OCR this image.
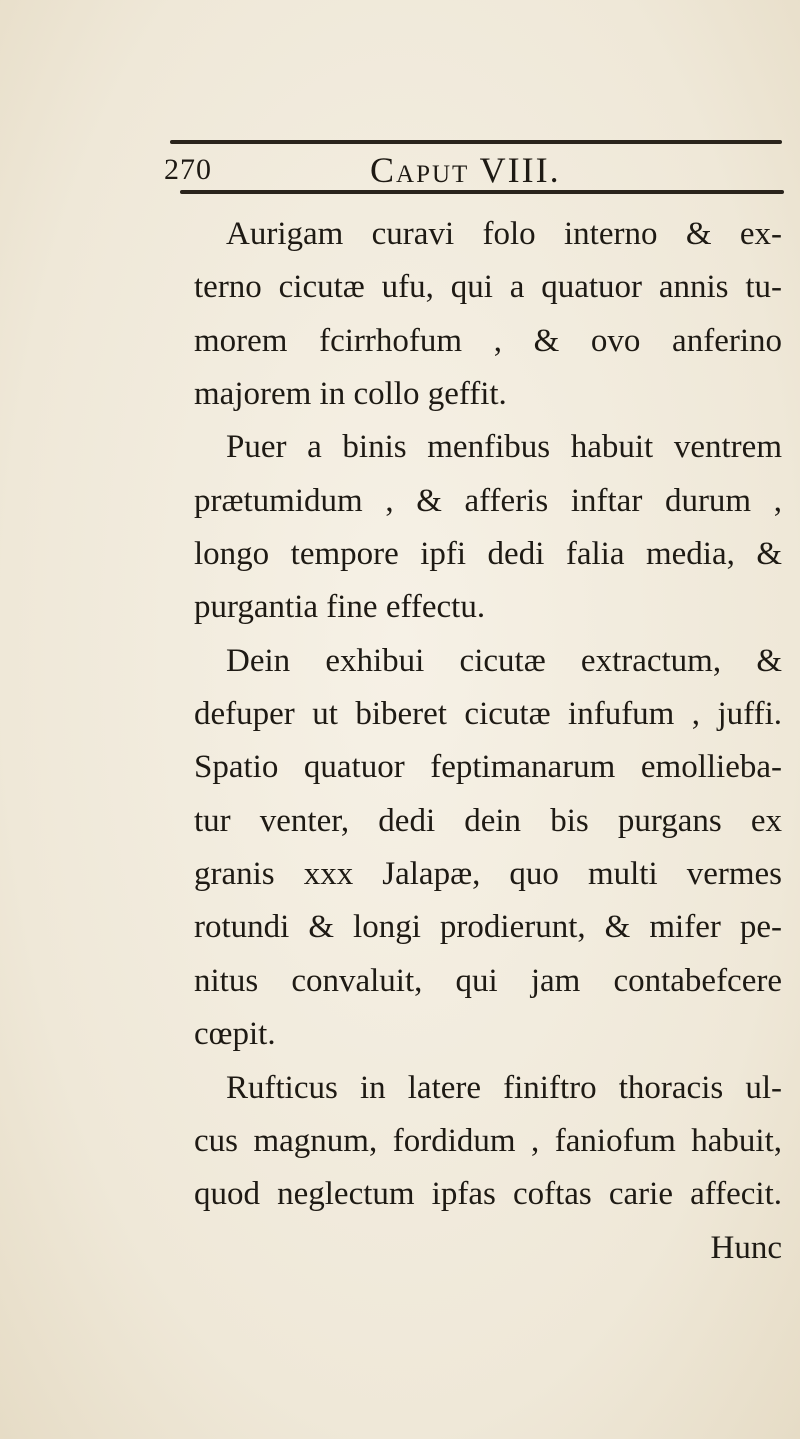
270	Caput VIII.
Aurigam curavi folo interno & ex-
terno cicutæ ufu, qui a quatuor annis tu-
morem fcirrhofum , & ovo anferino
majorem in collo geffit.
Puer a binis menfibus habuit ventrem
prætumidum , & afferis inftar durum ,
longo tempore ipfi dedi falia media, &
purgantia fine effectu.
Dein exhibui cicutæ extractum, &
defuper ut biberet cicutæ infufum , juffi.
Spatio quatuor feptimanarum emollieba-
tur venter, dedi dein bis purgans ex
granis xxx Jalapæ, quo multi vermes
rotundi & longi prodierunt, & mifer pe-
nitus convaluit, qui jam contabefcere
cœpit.
Rufticus in latere finiftro thoracis ul-
cus magnum, fordidum , faniofum habuit,
quod neglectum ipfas coftas carie affecit.
Hunc
